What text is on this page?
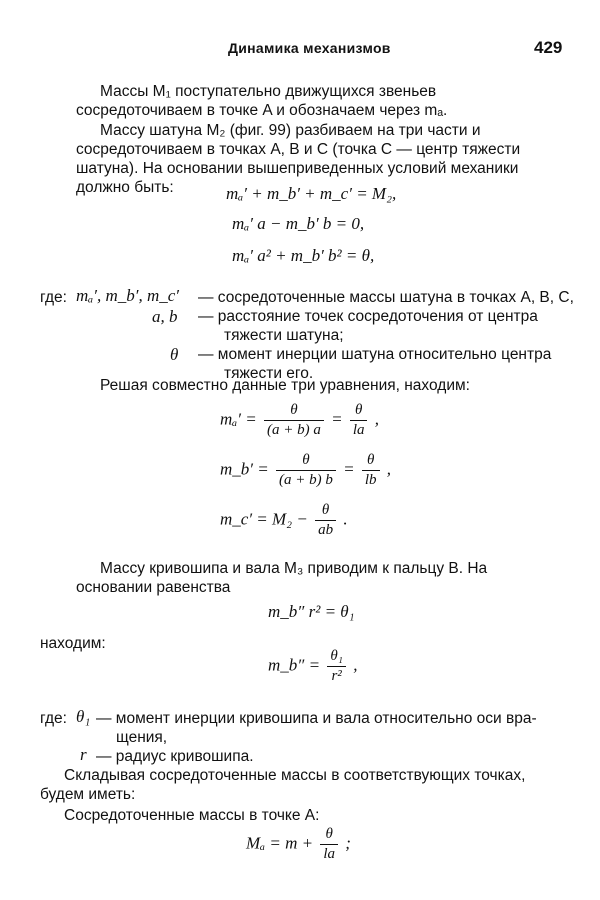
Динамика механизмов	429
Массы M₁ поступательно движущихся звеньев сосредоточиваем в точке A и обозначаем через mₐ.
Массу шатуна M₂ (фиг. 99) разбиваем на три части и сосредоточиваем в точках A, B и C (точка C — центр тяжести шатуна). На основании вышеприведенных условий механики должно быть:	mₐ′ + m_b′ + m_c′ = M₂,
mₐ′ a − m_b′ b = 0,
mₐ′ a² + m_b′ b² = θ,
где: mₐ′, m_b′, m_c′ — сосредоточенные массы шатуна в точках A, B, C,
a, b — расстояние точек сосредоточения от центра
тяжести шатуна;
θ — момент инерции шатуна относительно центра
тяжести его.
Решая совместно данные три уравнения, находим:
$m_a' = \frac{\theta}{(a + b) a} = \frac{\theta}{la}$ ,
m_b′ = $\frac{\theta}{(a + b) b} = \frac{\theta}{lb}$ ,
m_c′ = $M_2 - \frac{\theta}{ab}$ .
Массу кривошипа и вала M₃ приводим к пальцу B. На основании равенства
m_b″ r² = θ₁
находим:
m_b″ = $\frac{\text{θ₁}}{\text{r²}}$ ,
где: θ₁ — момент инерции кривошипа и вала относительно оси вра-
щения,
r — радиус кривошипа.
Складывая сосредоточенные массы в соответствующих точках, будем иметь:
Сосредоточенные массы в точке A:
$M_a = m + \frac{\theta}{la}$ ;
